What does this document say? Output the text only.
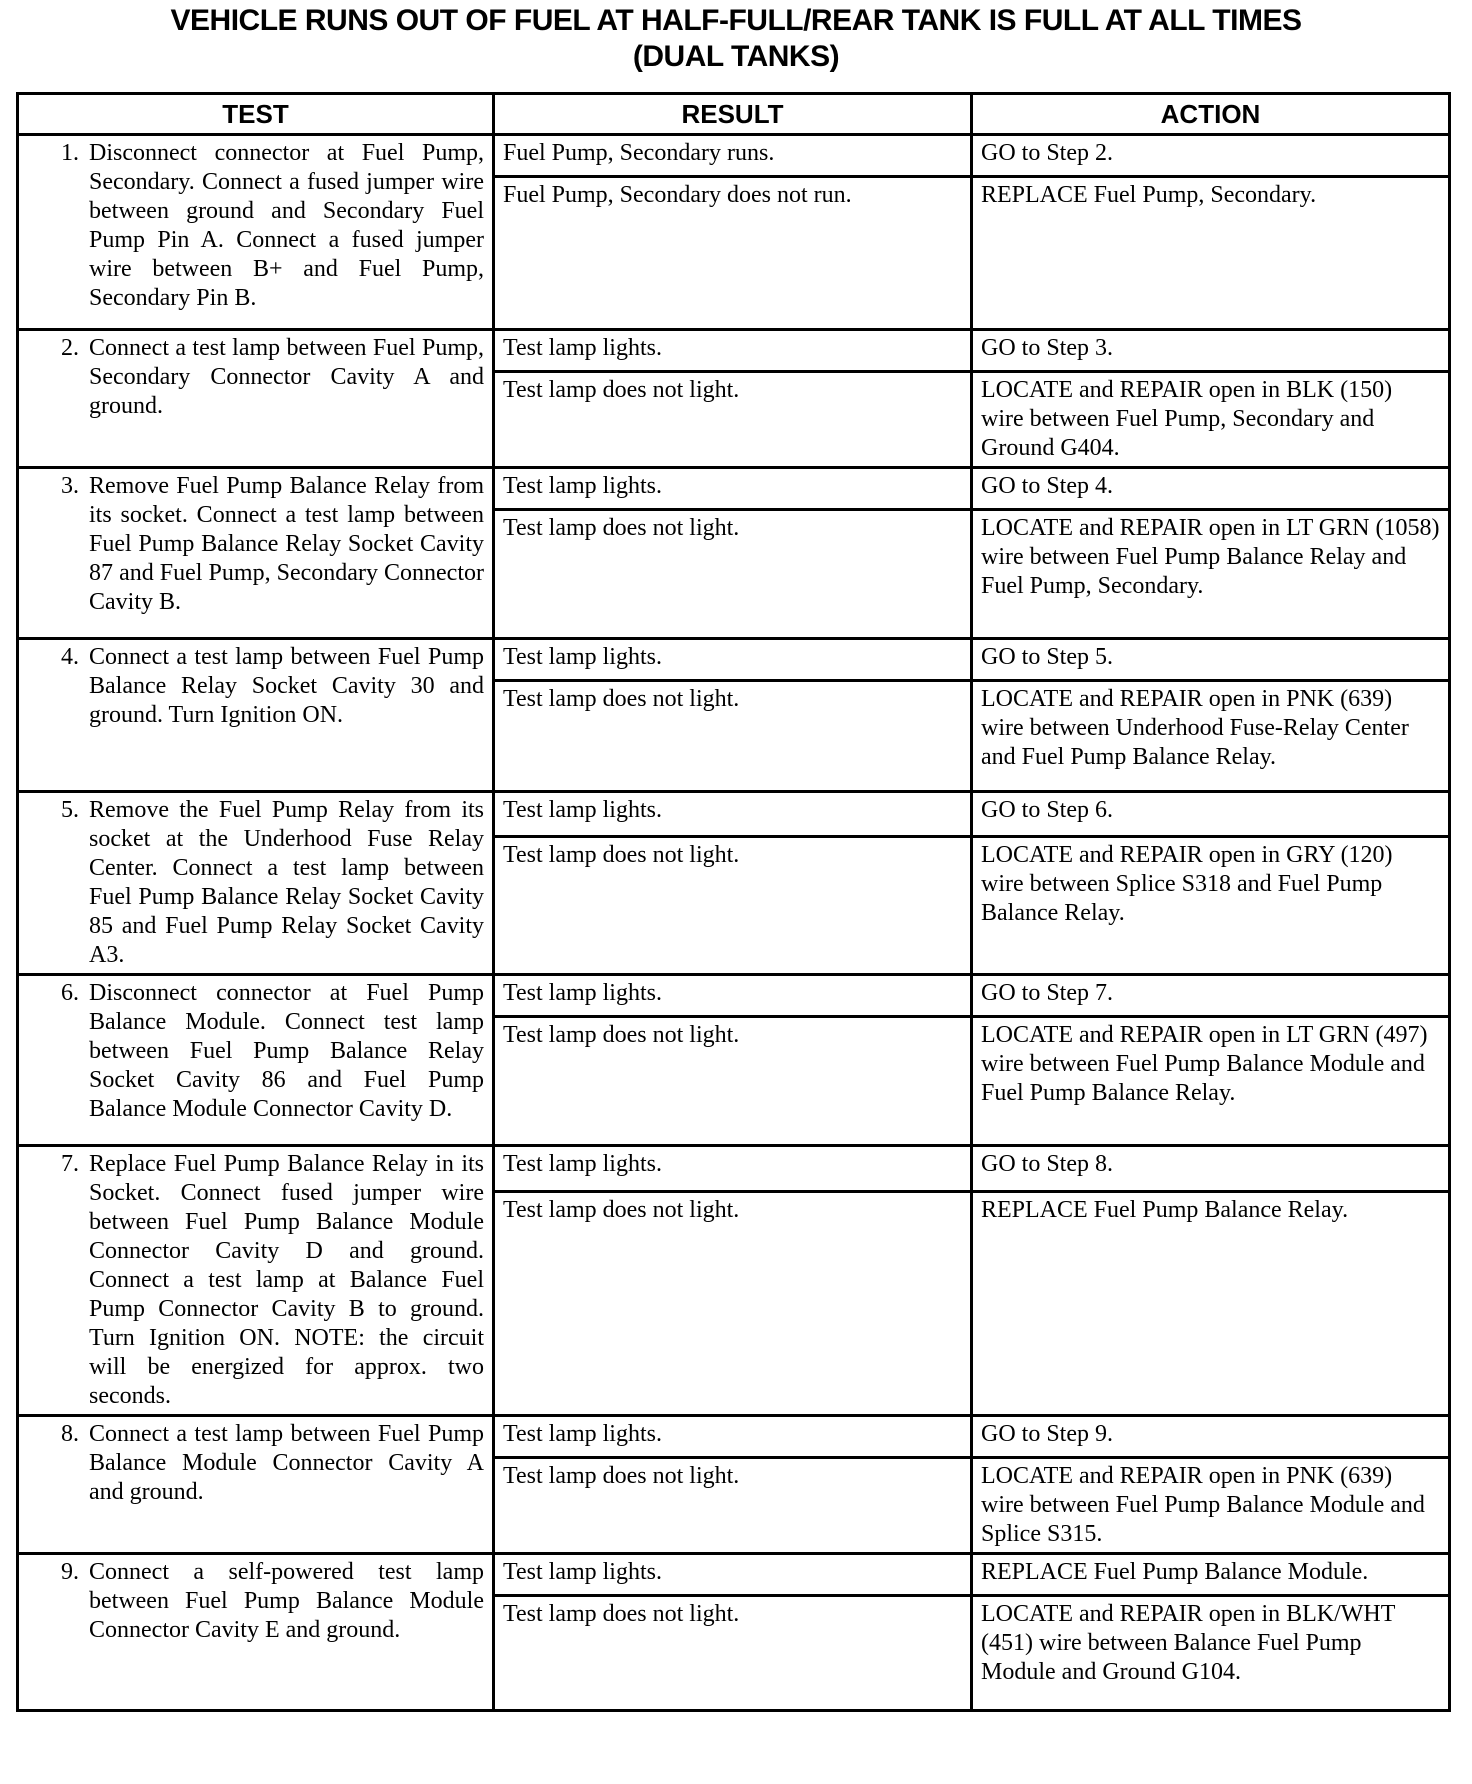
VEHICLE RUNS OUT OF FUEL AT HALF-FULL/REAR TANK IS FULL AT ALL TIMES
(DUAL TANKS)
TEST	RESULT	ACTION

1. Disconnect connector at Fuel Pump, Secondary. Connect a fused jumper wire between ground and Secondary Fuel Pump Pin A. Connect a fused jumper wire between B+ and Fuel Pump, Secondary Pin B.	Fuel Pump, Secondary runs.	GO to Step 2.
	Fuel Pump, Secondary does not run.	REPLACE Fuel Pump, Secondary.

2. Connect a test lamp between Fuel Pump, Secondary Connector Cavity A and ground.	Test lamp lights.	GO to Step 3.
	Test lamp does not light.	LOCATE and REPAIR open in BLK (150) wire between Fuel Pump, Secondary and Ground G404.

3. Remove Fuel Pump Balance Relay from its socket. Connect a test lamp between Fuel Pump Balance Relay Socket Cavity 87 and Fuel Pump, Secondary Connector Cavity B.	Test lamp lights.	GO to Step 4.
	Test lamp does not light.	LOCATE and REPAIR open in LT GRN (1058) wire between Fuel Pump Balance Relay and Fuel Pump, Secondary.

4. Connect a test lamp between Fuel Pump Balance Relay Socket Cavity 30 and ground. Turn Ignition ON.	Test lamp lights.	GO to Step 5.
	Test lamp does not light.	LOCATE and REPAIR open in PNK (639) wire between Underhood Fuse-Relay Center and Fuel Pump Balance Relay.

5. Remove the Fuel Pump Relay from its socket at the Underhood Fuse Relay Center. Connect a test lamp between Fuel Pump Balance Relay Socket Cavity 85 and Fuel Pump Relay Socket Cavity A3.	Test lamp lights.	GO to Step 6.
	Test lamp does not light.	LOCATE and REPAIR open in GRY (120) wire between Splice S318 and Fuel Pump Balance Relay.

6. Disconnect connector at Fuel Pump Balance Module. Connect test lamp between Fuel Pump Balance Relay Socket Cavity 86 and Fuel Pump Balance Module Connector Cavity D.	Test lamp lights.	GO to Step 7.
	Test lamp does not light.	LOCATE and REPAIR open in LT GRN (497) wire between Fuel Pump Balance Module and Fuel Pump Balance Relay.

7. Replace Fuel Pump Balance Relay in its Socket. Connect fused jumper wire between Fuel Pump Balance Module Connector Cavity D and ground. Connect a test lamp at Balance Fuel Pump Connector Cavity B to ground. Turn Ignition ON. NOTE: the circuit will be energized for approx. two seconds.	Test lamp lights.	GO to Step 8.
	Test lamp does not light.	REPLACE Fuel Pump Balance Relay.

8. Connect a test lamp between Fuel Pump Balance Module Connector Cavity A and ground.	Test lamp lights.	GO to Step 9.
	Test lamp does not light.	LOCATE and REPAIR open in PNK (639) wire between Fuel Pump Balance Module and Splice S315.

9. Connect a self-powered test lamp between Fuel Pump Balance Module Connector Cavity E and ground.	Test lamp lights.	REPLACE Fuel Pump Balance Module.
	Test lamp does not light.	LOCATE and REPAIR open in BLK/WHT (451) wire between Balance Fuel Pump Module and Ground G104.
